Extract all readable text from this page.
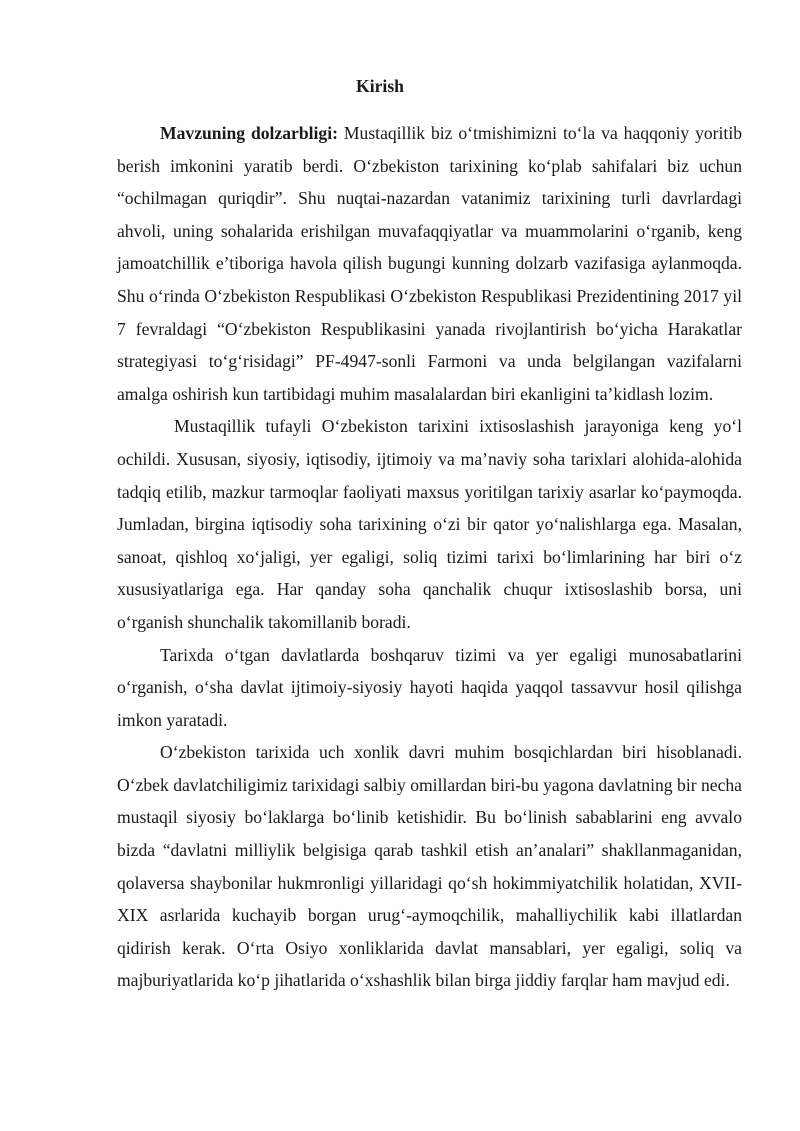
Kirish

Mavzuning dolzarbligi: Mustaqillik biz o‘tmishimizni to‘la va haqqoniy yoritib berish imkonini yaratib berdi. O‘zbekiston tarixining ko‘plab sahifalari biz uchun “ochilmagan quriqdir”. Shu nuqtai-nazardan vatanimiz tarixining turli davrlardagi ahvoli, uning sohalarida erishilgan muvafaqqiyatlar va muammolarini o‘rganib, keng jamoatchillik e’tiboriga havola qilish bugungi kunning dolzarb vazifasiga aylanmoqda. Shu o‘rinda O‘zbekiston Respublikasi O‘zbekiston Respublikasi Prezidentining 2017 yil 7 fevraldagi “O‘zbekiston Respublikasini yanada rivojlantirish bo‘yicha Harakatlar strategiyasi to‘g‘risidagi” PF-4947-sonli Farmoni va unda belgilangan vazifalarni amalga oshirish kun tartibidagi muhim masalalardan biri ekanligini ta’kidlash lozim.

Mustaqillik tufayli O‘zbekiston tarixini ixtisoslashish jarayoniga keng yo‘l ochildi. Xususan, siyosiy, iqtisodiy, ijtimoiy va ma’naviy soha tarixlari alohida-alohida tadqiq etilib, mazkur tarmoqlar faoliyati maxsus yoritilgan tarixiy asarlar ko‘paymoqda. Jumladan, birgina iqtisodiy soha tarixining o‘zi bir qator yo‘nalishlarga ega. Masalan, sanoat, qishloq xo‘jaligi, yer egaligi, soliq tizimi tarixi bo‘limlarining har biri o‘z xususiyatlariga ega. Har qanday soha qanchalik chuqur ixtisoslashib borsa, uni o‘rganish shunchalik takomillanib boradi.

Tarixda o‘tgan davlatlarda boshqaruv tizimi va yer egaligi munosabatlarini o‘rganish, o‘sha davlat ijtimoiy-siyosiy hayoti haqida yaqqol tassavvur hosil qilishga imkon yaratadi.

O‘zbekiston tarixida uch xonlik davri muhim bosqichlardan biri hisoblanadi. O‘zbek davlatchiligimiz tarixidagi salbiy omillardan biri-bu yagona davlatning bir necha mustaqil siyosiy bo‘laklarga bo‘linib ketishidir. Bu bo‘linish sabablarini eng avvalo bizda “davlatni milliylik belgisiga qarab tashkil etish an’analari” shakllanmaganidan, qolaversa shaybonilar hukmronligi yillaridagi qo‘sh hokimmiyatchilik holatidan, XVII-XIX asrlarida kuchayib borgan urug‘-aymoqchilik, mahalliychilik kabi illatlardan qidirish kerak. O‘rta Osiyo xonliklarida davlat mansablari, yer egaligi, soliq va majburiyatlarida ko‘p jihatlarida o‘xshashlik bilan birga jiddiy farqlar ham mavjud edi.
